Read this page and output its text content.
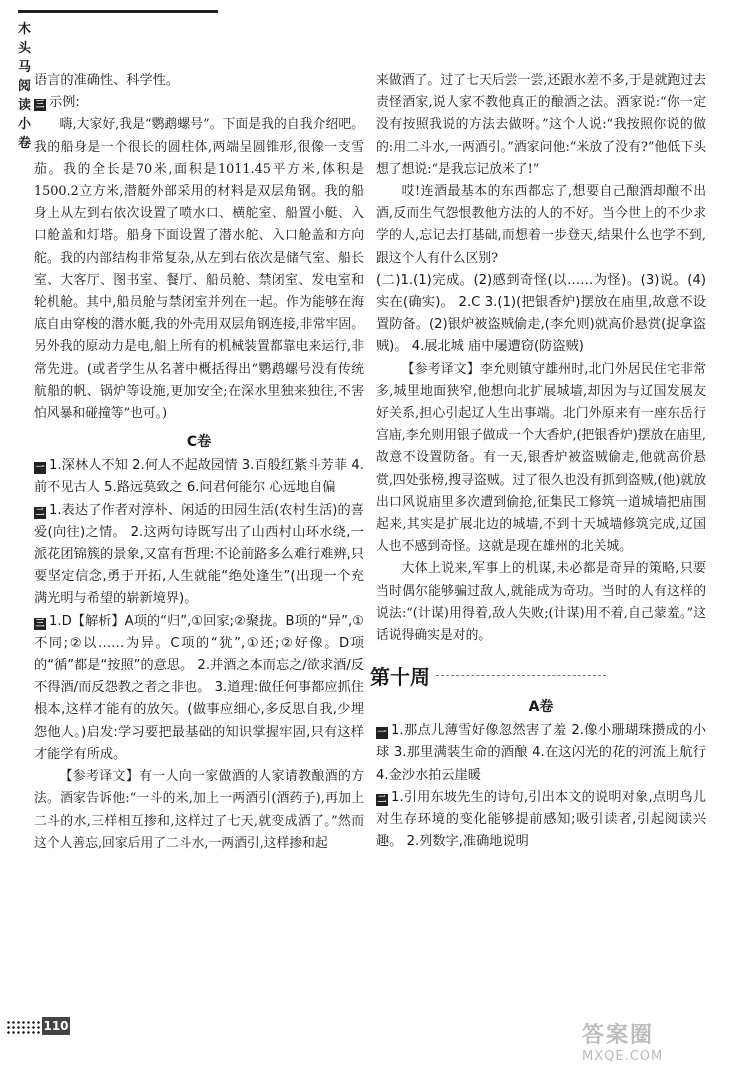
木头马阅读小卷

语言的准确性、科学性。

三 示例:

嗨,大家好,我是“鹦鹉螺号”。下面是我的自我介绍吧。我的船身是一个很长的圆柱体,两端呈圆锥形,很像一支雪茄。我的全长是70米,面积是1011.45平方米,体积是1500.2立方米,潜艇外部采用的材料是双层角钢。我的船身上从左到右依次设置了喷水口、横舵室、船置小艇、入口舱盖和灯塔。船身下面设置了潜水舵、入口舱盖和方向舵。我的内部结构非常复杂,从左到右依次是储气室、船长室、大客厅、图书室、餐厅、船员舱、禁闭室、发电室和轮机舱。其中,船员舱与禁闭室并列在一起。作为能够在海底自由穿梭的潜水艇,我的外壳用双层角钢连接,非常牢固。另外我的原动力是电,船上所有的机械装置都靠电来运行,非常先进。(或者学生从名著中概括得出“鹦鹉螺号没有传统航船的帆、锅炉等设施,更加安全;在深水里独来独往,不害怕风暴和碰撞等”也可。)

C卷

一 1.深林人不知 2.何人不起故园情 3.百般红紫斗芳菲 4.前不见古人 5.路远莫致之 6.问君何能尔 心远地自偏

二 1.表达了作者对淳朴、闲适的田园生活(农村生活)的喜爱(向往)之情。 2.这两句诗既写出了山西村山环水绕,一派花团锦簇的景象,又富有哲理:不论前路多么难行难辨,只要坚定信念,勇于开拓,人生就能“绝处逢生”(出现一个充满光明与希望的崭新境界)。

三 1.D【解析】A项的“归”,①回家;②聚拢。B项的“异”,①不同;②以……为异。C项的“犹”,①还;②好像。D项的“循”都是“按照”的意思。 2.并酒之本而忘之/欲求酒/反不得酒/而反怨教之者之非也。 3.道理:做任何事都应抓住根本,这样才能有的放矢。(做事应细心,多反思自我,少埋怨他人。)启发:学习要把最基础的知识掌握牢固,只有这样才能学有所成。

【参考译文】有一人向一家做酒的人家请教酿酒的方法。酒家告诉他:“一斗的米,加上一两酒引(酒药子),再加上二斗的水,三样相互掺和,这样过了七天,就变成酒了。”然而这个人善忘,回家后用了二斗水,一两酒引,这样掺和起

来做酒了。过了七天后尝一尝,还跟水差不多,于是就跑过去责怪酒家,说人家不教他真正的酿酒之法。酒家说:“你一定没有按照我说的方法去做呀。”这个人说:“我按照你说的做的:用二斗水,一两酒引。”酒家问他:“米放了没有?”他低下头想了想说:“是我忘记放米了!”

哎!连酒最基本的东西都忘了,想要自己酿酒却酿不出酒,反而生气怨恨教他方法的人的不好。当今世上的不少求学的人,忘记去打基础,而想着一步登天,结果什么也学不到,跟这个人有什么区别?

(二)1.(1)完成。(2)感到奇怪(以……为怪)。(3)说。(4)实在(确实)。 2.C 3.(1)(把银香炉)摆放在庙里,故意不设置防备。(2)银炉被盗贼偷走,(李允则)就高价悬赏(捉拿盗贼)。 4.展北城 庙中屡遭窃(防盗贼)

【参考译文】李允则镇守雄州时,北门外居民住宅非常多,城里地面狭窄,他想向北扩展城墙,却因为与辽国发展友好关系,担心引起辽人生出事端。北门外原来有一座东岳行宫庙,李允则用银子做成一个大香炉,(把银香炉)摆放在庙里,故意不设置防备。有一天,银香炉被盗贼偷走,他就高价悬赏,四处张榜,搜寻盗贼。过了很久也没有抓到盗贼,(他)就放出口风说庙里多次遭到偷抢,征集民工修筑一道城墙把庙围起来,其实是扩展北边的城墙,不到十天城墙修筑完成,辽国人也不感到奇怪。这就是现在雄州的北关城。

大体上说来,军事上的机谋,未必都是奇异的策略,只要当时偶尔能够骗过敌人,就能成为奇功。当时的人有这样的说法:“(计谋)用得着,敌人失败;(计谋)用不着,自己蒙羞。”这话说得确实是对的。

第十周
A卷

一 1.那点儿薄雪好像忽然害了羞 2.像小珊瑚珠攒成的小球 3.那里满装生命的酒酿 4.在这闪光的花的河流上航行 4.金沙水拍云崖暖

二 1.引用东坡先生的诗句,引出本文的说明对象,点明鸟儿对生存环境的变化能够提前感知;吸引读者,引起阅读兴趣。 2.列数字,准确地说明

110	答案圈
MXQE.COM
